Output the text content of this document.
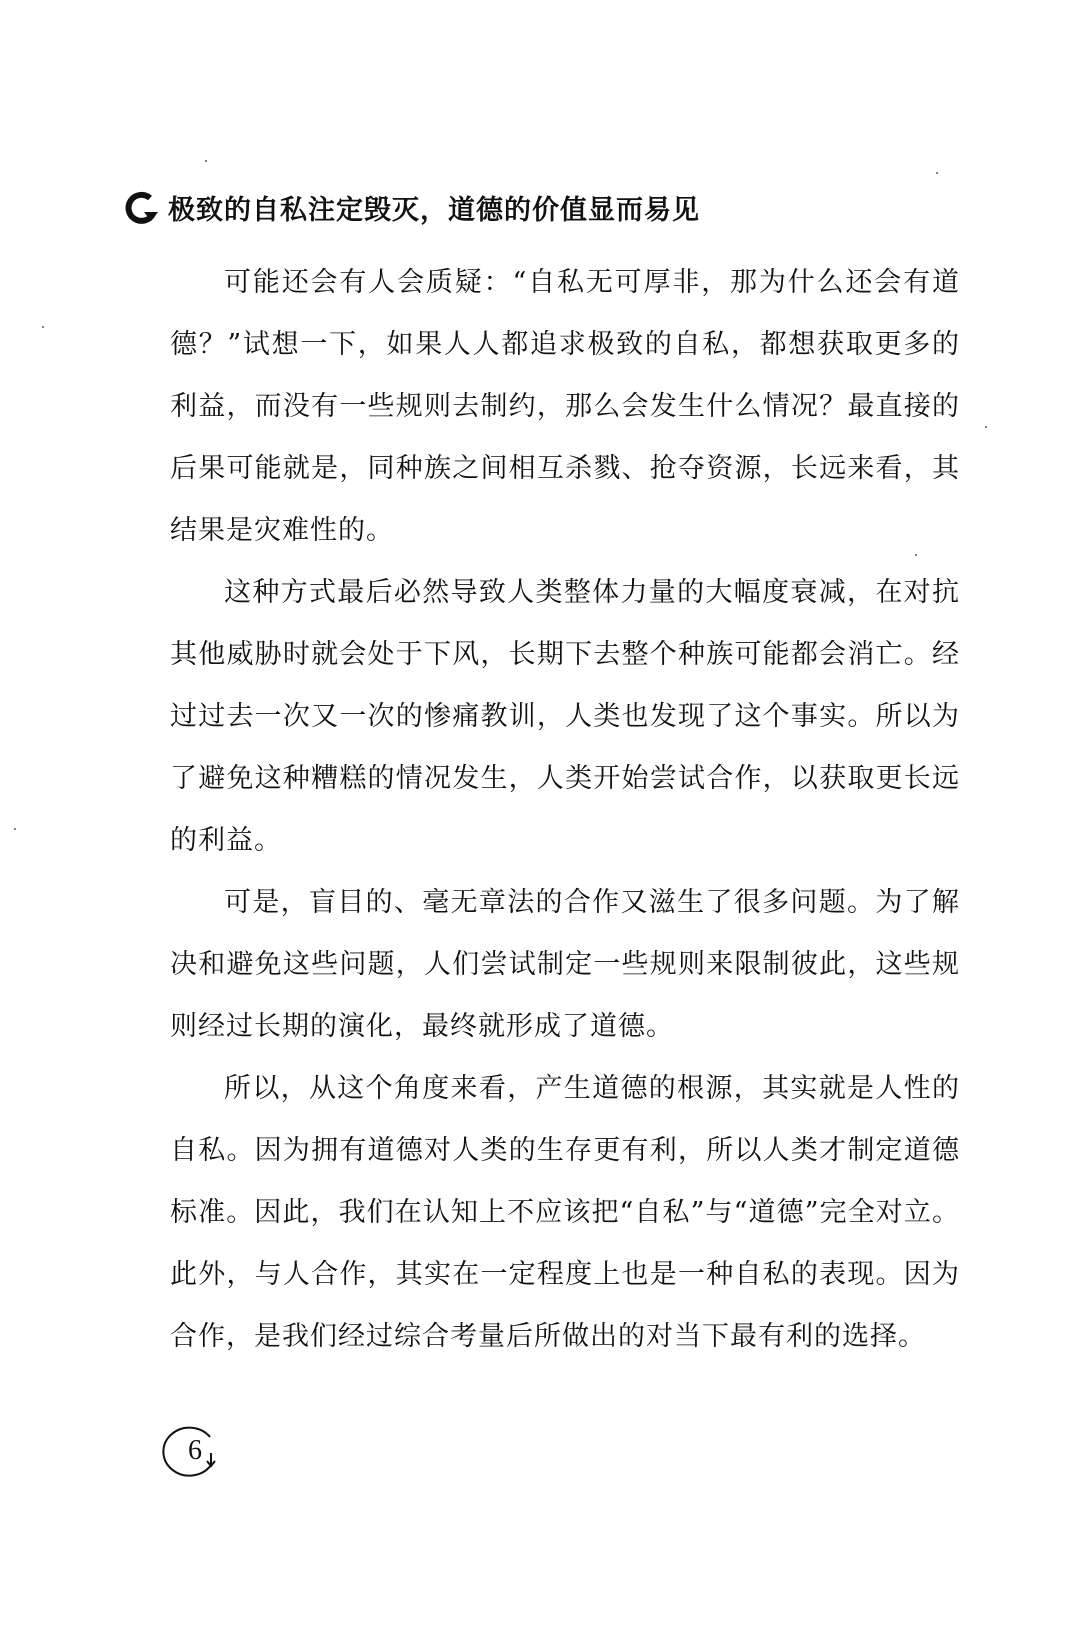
极致的自私注定毁灭，道德的价值显而易见

可能还会有人会质疑：“自私无可厚非，那为什么还会有道德？”试想一下，如果人人都追求极致的自私，都想获取更多的利益，而没有一些规则去制约，那么会发生什么情况？最直接的后果可能就是，同种族之间相互杀戮、抢夺资源，长远来看，其结果是灾难性的。

这种方式最后必然导致人类整体力量的大幅度衰减，在对抗其他威胁时就会处于下风，长期下去整个种族可能都会消亡。经过过去一次又一次的惨痛教训，人类也发现了这个事实。所以为了避免这种糟糕的情况发生，人类开始尝试合作，以获取更长远的利益。

可是，盲目的、毫无章法的合作又滋生了很多问题。为了解决和避免这些问题，人们尝试制定一些规则来限制彼此，这些规则经过长期的演化，最终就形成了道德。

所以，从这个角度来看，产生道德的根源，其实就是人性的自私。因为拥有道德对人类的生存更有利，所以人类才制定道德标准。因此，我们在认知上不应该把“自私”与“道德”完全对立。此外，与人合作，其实在一定程度上也是一种自私的表现。因为合作，是我们经过综合考量后所做出的对当下最有利的选择。

6
